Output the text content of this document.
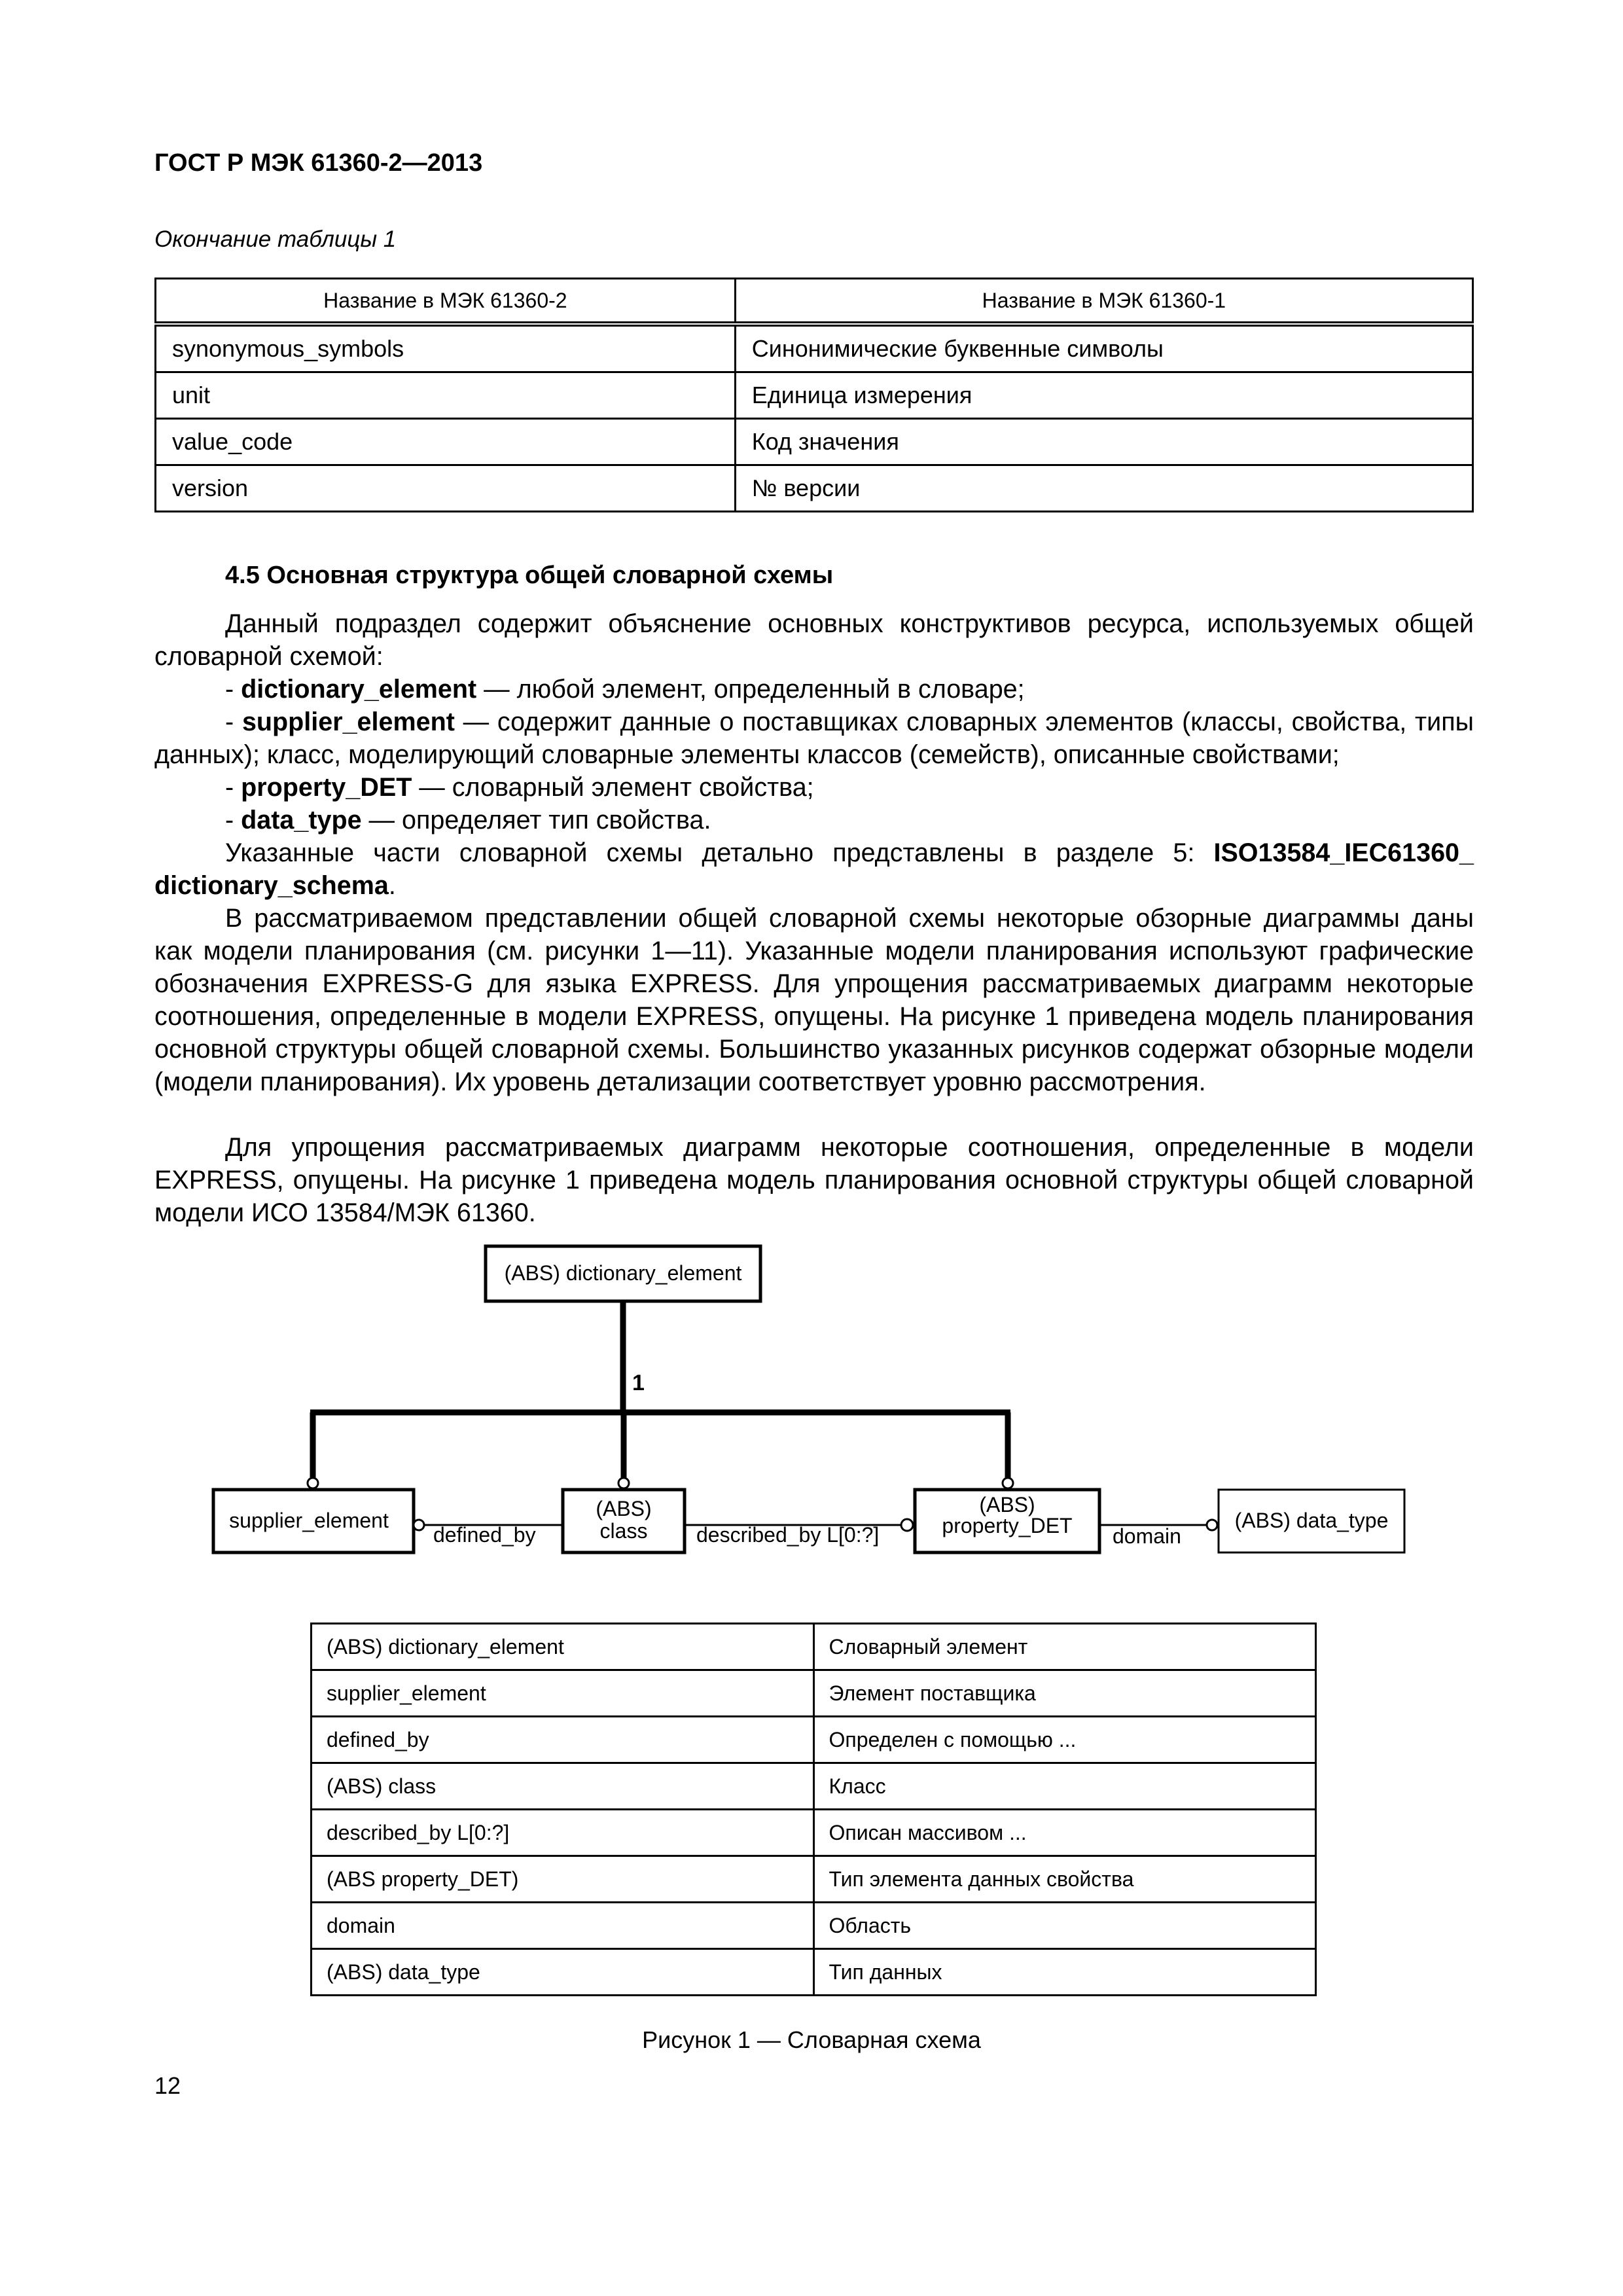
ГОСТ Р МЭК 61360-2—2013
Окончание таблицы 1
Название в МЭК 61360-2	Название в МЭК 61360-1
synonymous_symbols	Синонимические буквенные символы
unit	Единица измерения
value_code	Код значения
version	№ версии
4.5 Основная структура общей словарной схемы

Данный подраздел содержит объяснение основных конструктивов ресурса, используемых общей словарной схемой:

- dictionary_element — любой элемент, определенный в словаре;

- supplier_element — содержит данные о поставщиках словарных элементов (классы, свойства, типы данных); класс, моделирующий словарные элементы классов (семейств), описанные свойствами;

- property_DET — словарный элемент свойства;

- data_type — определяет тип свойства.

Указанные части словарной схемы детально представлены в разделе 5: ISO13584_IEC61360_ dictionary_schema.

В рассматриваемом представлении общей словарной схемы некоторые обзорные диаграммы даны как модели планирования (см. рисунки 1—11). Указанные модели планирования используют графические обозначения EXPRESS-G для языка EXPRESS. Для упрощения рассматриваемых диаграмм некоторые соотношения, определенные в модели EXPRESS, опущены. На рисунке 1 приведена модель планирования основной структуры общей словарной схемы. Большинство указанных рисунков содержат обзорные модели (модели планирования). Их уровень детализации соответствует уровню рассмотрения.

Для упрощения рассматриваемых диаграмм некоторые соотношения, определенные в модели EXPRESS, опущены. На рисунке 1 приведена модель планирования основной структуры общей словарной модели ИСО 13584/МЭК 61360.

(ABS) dictionary_element
1
supplier_element	(ABS)
class
(ABS)
property_DET	(ABS) data_type
defined_by	described_by L[0:?]	domain
(ABS) dictionary_element	Словарный элемент
supplier_element	Элемент поставщика
defined_by	Определен с помощью ...
(ABS) class	Класс
described_by L[0:?]	Описан массивом ...
(ABS property_DET)	Тип элемента данных свойства
domain	Область
(ABS) data_type	Тип данных
Рисунок 1 — Словарная схема
12
